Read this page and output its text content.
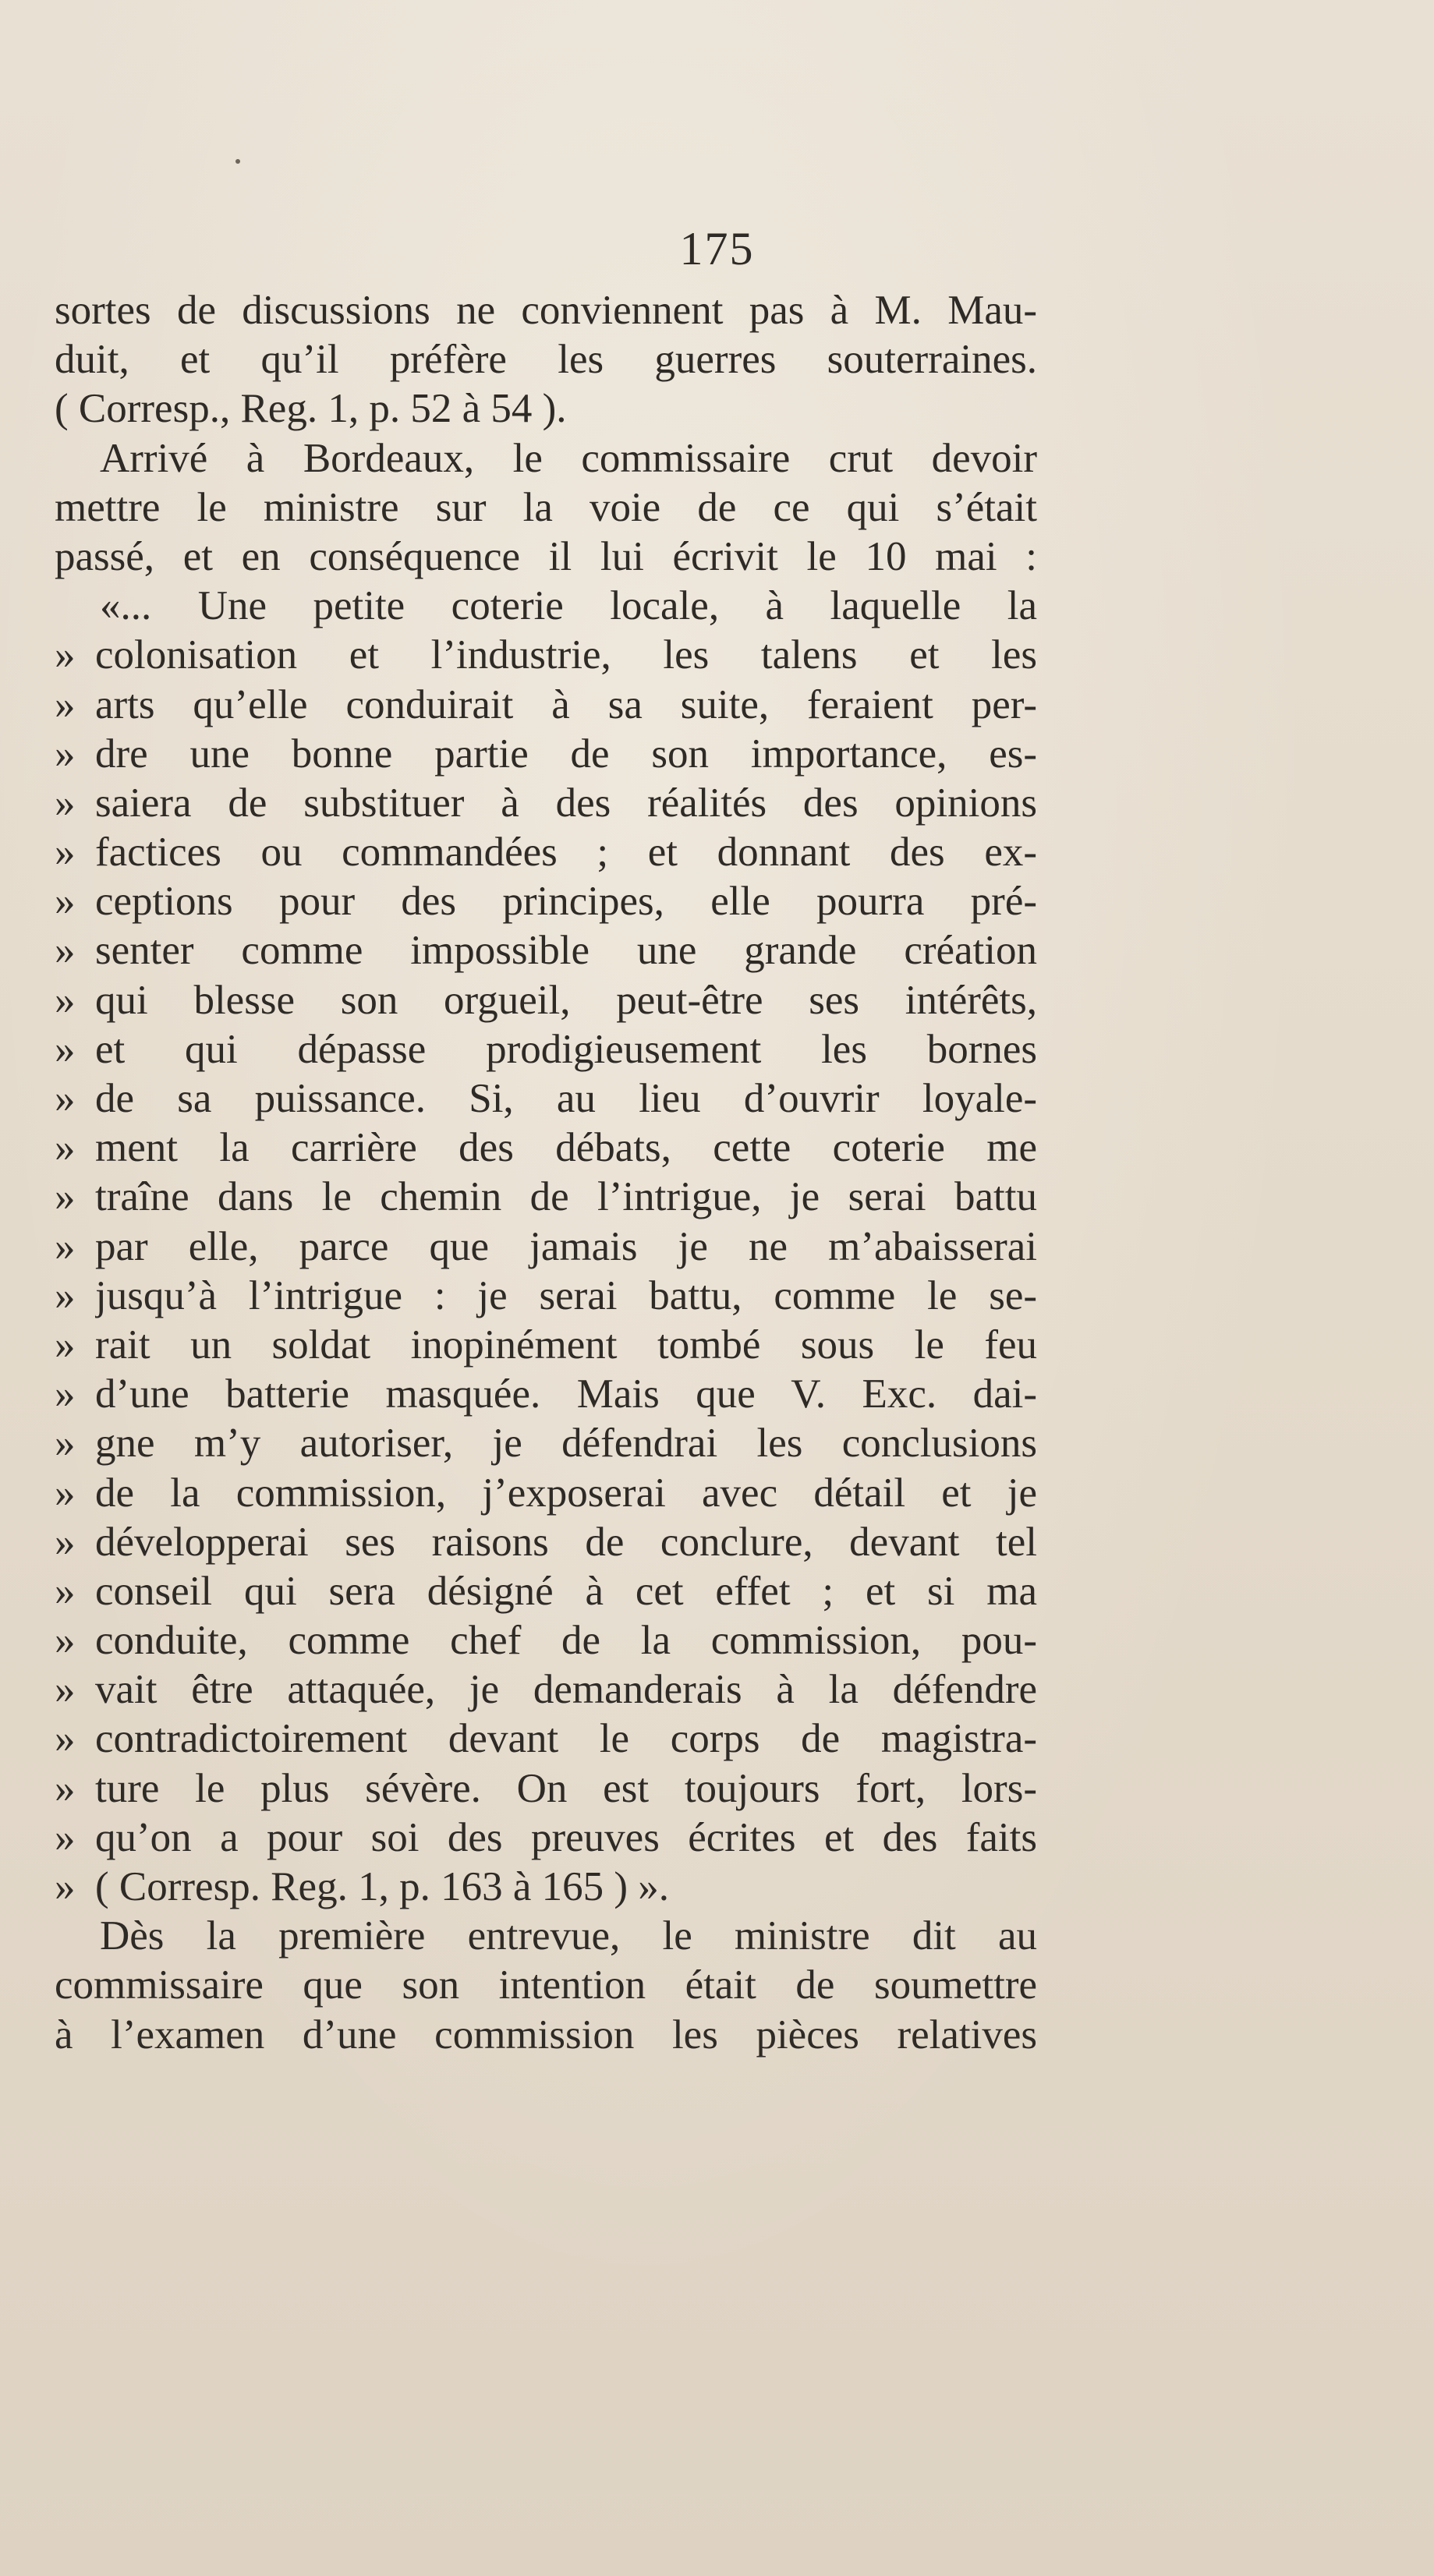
175
sortes de discussions ne conviennent pas à M. Mau-
duit, et qu’il préfère les guerres souterraines.
( Corresp., Reg. 1, p. 52 à 54 ).
Arrivé à Bordeaux, le commissaire crut devoir
mettre le ministre sur la voie de ce qui s’était
passé, et en conséquence il lui écrivit le 10 mai :
«... Une petite coterie locale, à laquelle la
» colonisation et l’industrie, les talens et les
» arts qu’elle conduirait à sa suite, feraient per-
» dre une bonne partie de son importance, es-
» saiera de substituer à des réalités des opinions
» factices ou commandées ; et donnant des ex-
» ceptions pour des principes, elle pourra pré-
» senter comme impossible une grande création
» qui blesse son orgueil, peut-être ses intérêts,
» et qui dépasse prodigieusement les bornes
» de sa puissance. Si, au lieu d’ouvrir loyale-
» ment la carrière des débats, cette coterie me
» traîne dans le chemin de l’intrigue, je serai battu
» par elle, parce que jamais je ne m’abaisserai
» jusqu’à l’intrigue : je serai battu, comme le se-
» rait un soldat inopinément tombé sous le feu
» d’une batterie masquée. Mais que V. Exc. dai-
» gne m’y autoriser, je défendrai les conclusions
» de la commission, j’exposerai avec détail et je
» développerai ses raisons de conclure, devant tel
» conseil qui sera désigné à cet effet ; et si ma
» conduite, comme chef de la commission, pou-
» vait être attaquée, je demanderais à la défendre
» contradictoirement devant le corps de magistra-
» ture le plus sévère. On est toujours fort, lors-
» qu’on a pour soi des preuves écrites et des faits
» ( Corresp. Reg. 1, p. 163 à 165 ) ».
Dès la première entrevue, le ministre dit au
commissaire que son intention était de soumettre
à l’examen d’une commission les pièces relatives
